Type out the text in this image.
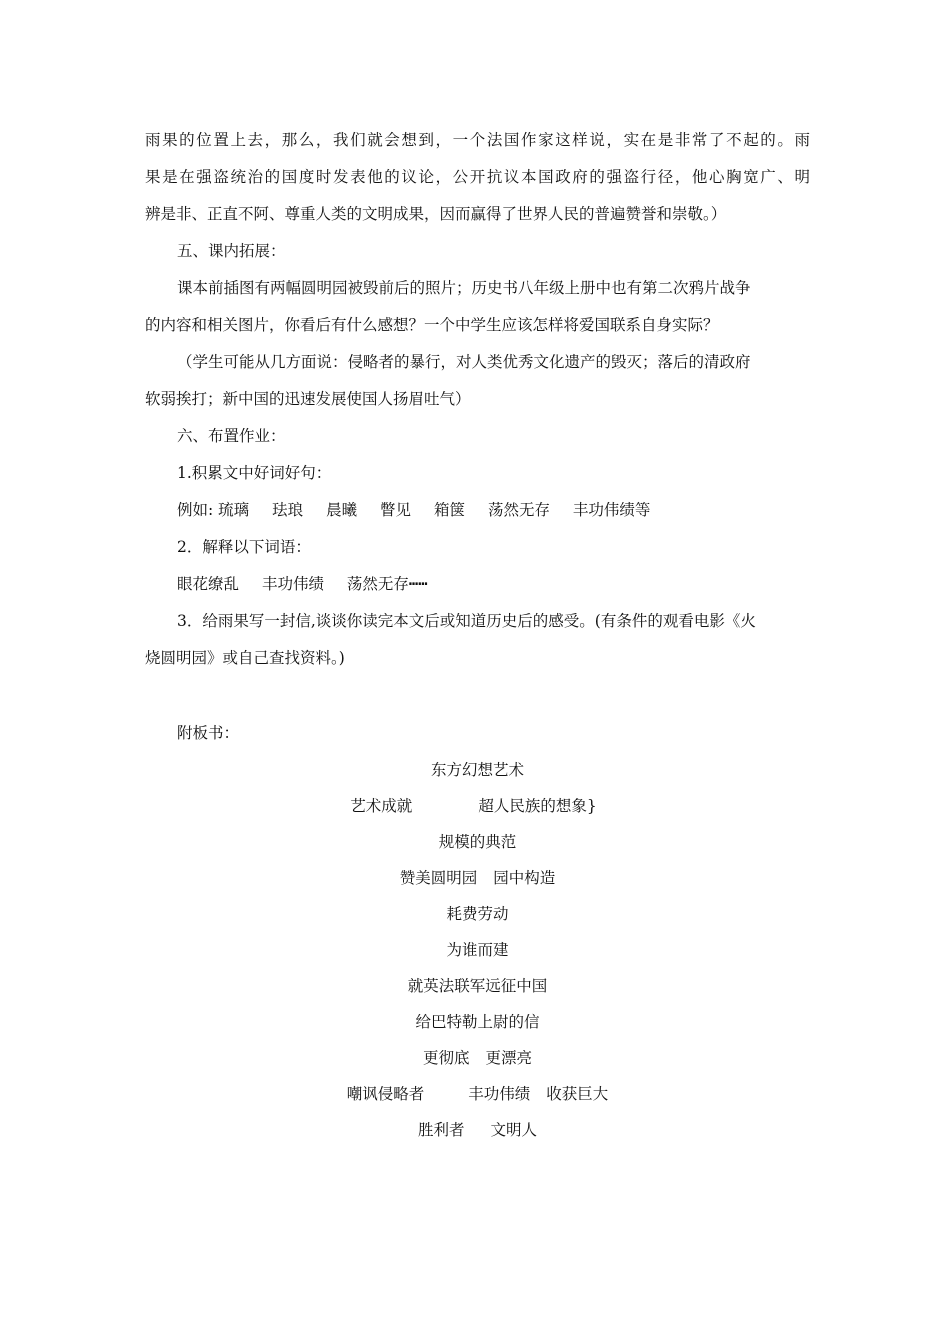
雨果的位置上去，那么，我们就会想到，一个法国作家这样说，实在是非常了不起的。雨
果是在强盗统治的国度时发表他的议论，公开抗议本国政府的强盗行径，他心胸宽广、明
辨是非、正直不阿、尊重人类的文明成果，因而赢得了世界人民的普遍赞誉和崇敬。）
五、课内拓展：
课本前插图有两幅圆明园被毁前后的照片；历史书八年级上册中也有第二次鸦片战争
的内容和相关图片，你看后有什么感想？一个中学生应该怎样将爱国联系自身实际？
（学生可能从几方面说：侵略者的暴行，对人类优秀文化遗产的毁灭；落后的清政府
软弱挨打；新中国的迅速发展使国人扬眉吐气）
六、布置作业：
1.积累文中好词好句：
例如: 琉璃 珐琅 晨曦 瞥见 箱箧 荡然无存 丰功伟绩等
2．解释以下词语：
眼花缭乱 丰功伟绩 荡然无存┅┅
3．给雨果写一封信,谈谈你读完本文后或知道历史后的感受。(有条件的观看电影《火
烧圆明园》或自己查找资料。)
附板书：
东方幻想艺术
艺术成就	超人民族的想象}
规模的典范
赞美圆明园 园中构造
耗费劳动
为谁而建
就英法联军远征中国
给巴特勒上尉的信
更彻底 更漂亮
嘲讽侵略者	丰功伟绩 收获巨大
胜利者 文明人
